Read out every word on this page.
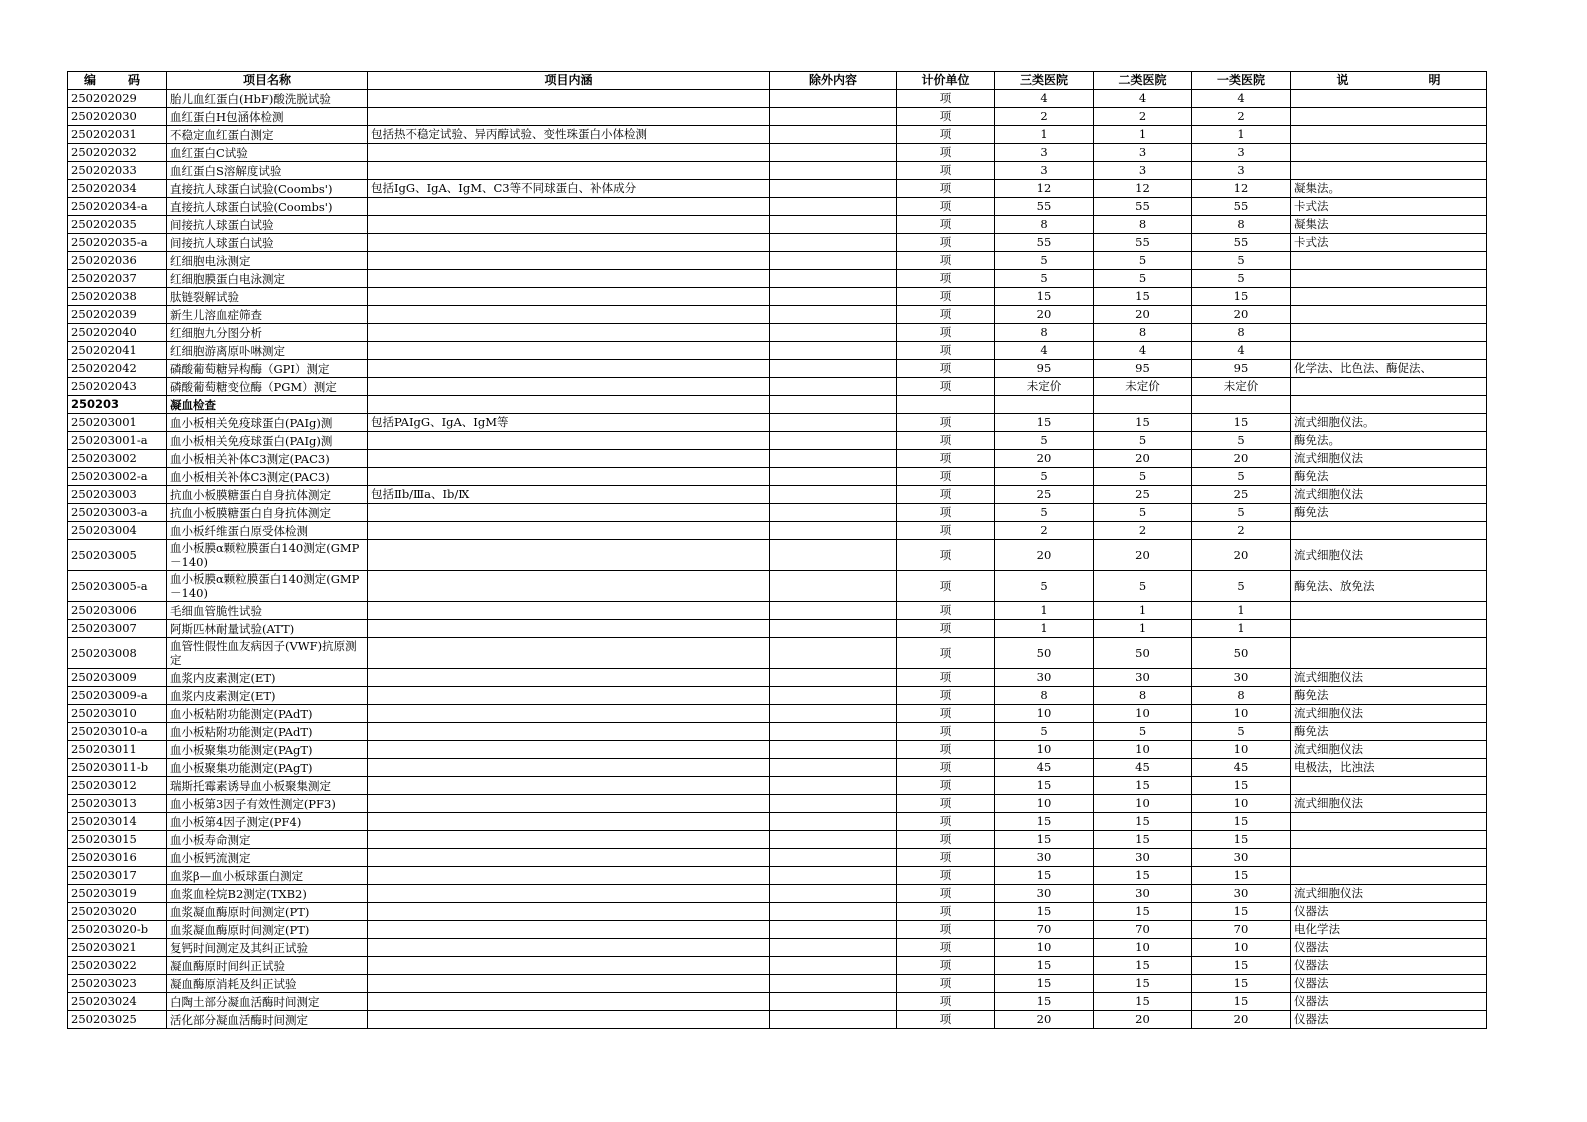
编　码	项目名称	项目内涵	除外内容	计价单位	三类医院	二类医院	一类医院	说 明
250202029	胎儿血红蛋白(HbF)酸洗脱试验			项	4	4	4	
250202030	血红蛋白H包涵体检测			项	2	2	2	
250202031	不稳定血红蛋白测定	包括热不稳定试验、异丙醇试验、变性珠蛋白小体检测		项	1	1	1	
250202032	血红蛋白C试验			项	3	3	3	
250202033	血红蛋白S溶解度试验			项	3	3	3	
250202034	直接抗人球蛋白试验(Coombs')	包括IgG、IgA、IgM、C3等不同球蛋白、补体成分		项	12	12	12	凝集法。
250202034-a	直接抗人球蛋白试验(Coombs')			项	55	55	55	卡式法
250202035	间接抗人球蛋白试验			项	8	8	8	凝集法
250202035-a	间接抗人球蛋白试验			项	55	55	55	卡式法
250202036	红细胞电泳测定			项	5	5	5	
250202037	红细胞膜蛋白电泳测定			项	5	5	5	
250202038	肽链裂解试验			项	15	15	15	
250202039	新生儿溶血症筛查			项	20	20	20	
250202040	红细胞九分图分析			项	8	8	8	
250202041	红细胞游离原卟啉测定			项	4	4	4	
250202042	磷酸葡萄糖异构酶（GPI）测定			项	95	95	95	化学法、比色法、酶促法、
250202043	磷酸葡萄糖变位酶（PGM）测定			项	未定价	未定价	未定价	
250203	凝血检查							
250203001	血小板相关免疫球蛋白(PAIg)测	包括PAIgG、IgA、IgM等		项	15	15	15	流式细胞仪法。
250203001-a	血小板相关免疫球蛋白(PAIg)测			项	5	5	5	酶免法。
250203002	血小板相关补体C3测定(PAC3)			项	20	20	20	流式细胞仪法
250203002-a	血小板相关补体C3测定(PAC3)			项	5	5	5	酶免法
250203003	抗血小板膜糖蛋白自身抗体测定	包括Ⅱb/Ⅲa、Ⅰb/Ⅸ		项	25	25	25	流式细胞仪法
250203003-a	抗血小板膜糖蛋白自身抗体测定			项	5	5	5	酶免法
250203004	血小板纤维蛋白原受体检测			项	2	2	2	
250203005	血小板膜α颗粒膜蛋白140测定(GMP－140)			项	20	20	20	流式细胞仪法
250203005-a	血小板膜α颗粒膜蛋白140测定(GMP－140)			项	5	5	5	酶免法、放免法
250203006	毛细血管脆性试验			项	1	1	1	
250203007	阿斯匹林耐量试验(ATT)			项	1	1	1	
250203008	血管性假性血友病因子(VWF)抗原测定			项	50	50	50	
250203009	血浆内皮素测定(ET)			项	30	30	30	流式细胞仪法
250203009-a	血浆内皮素测定(ET)			项	8	8	8	酶免法
250203010	血小板粘附功能测定(PAdT)			项	10	10	10	流式细胞仪法
250203010-a	血小板粘附功能测定(PAdT)			项	5	5	5	酶免法
250203011	血小板聚集功能测定(PAgT)			项	10	10	10	流式细胞仪法
250203011-b	血小板聚集功能测定(PAgT)			项	45	45	45	电极法，比浊法
250203012	瑞斯托霉素诱导血小板聚集测定			项	15	15	15	
250203013	血小板第3因子有效性测定(PF3)			项	10	10	10	流式细胞仪法
250203014	血小板第4因子测定(PF4)			项	15	15	15	
250203015	血小板寿命测定			项	15	15	15	
250203016	血小板钙流测定			项	30	30	30	
250203017	血浆β—血小板球蛋白测定			项	15	15	15	
250203019	血浆血栓烷B2测定(TXB2)			项	30	30	30	流式细胞仪法
250203020	血浆凝血酶原时间测定(PT)			项	15	15	15	仪器法
250203020-b	血浆凝血酶原时间测定(PT)			项	70	70	70	电化学法
250203021	复钙时间测定及其纠正试验			项	10	10	10	仪器法
250203022	凝血酶原时间纠正试验			项	15	15	15	仪器法
250203023	凝血酶原消耗及纠正试验			项	15	15	15	仪器法
250203024	白陶土部分凝血活酶时间测定			项	15	15	15	仪器法
250203025	活化部分凝血活酶时间测定			项	20	20	20	仪器法
